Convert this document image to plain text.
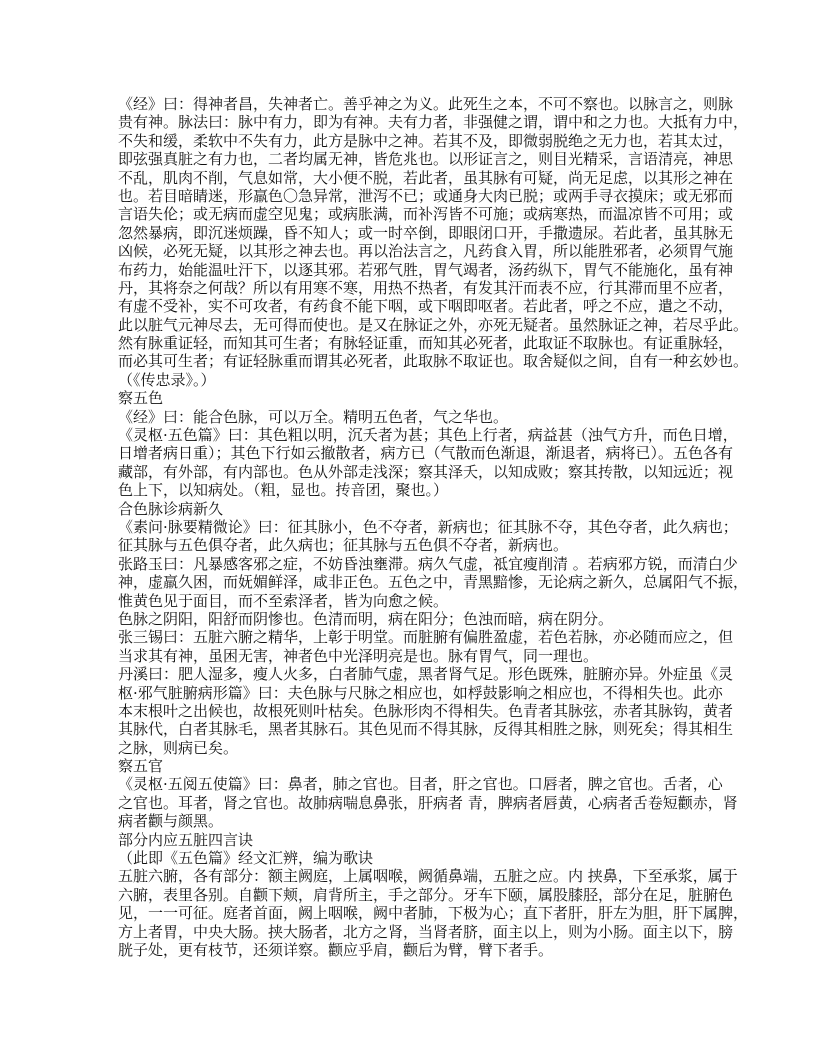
《经》曰：得神者昌，失神者亡。善乎神之为义。此死生之本，不可不察也。以脉言之，则脉
贵有神。脉法曰：脉中有力，即为有神。夫有力者，非强健之谓，谓中和之力也。大抵有力中，
不失和缓，柔软中不失有力，此方是脉中之神。若其不及，即微弱脱绝之无力也，若其太过，
即弦强真脏之有力也，二者均属无神，皆危兆也。以形证言之，则目光精采，言语清亮，神思
不乱，肌肉不削，气息如常，大小便不脱，若此者，虽其脉有可疑，尚无足虑，以其形之神在
也。若目暗睛迷，形羸色〇急异常，泄泻不已；或通身大肉已脱；或两手寻衣摸床；或无邪而
言语失伦；或无病而虚空见鬼；或病胀满，而补泻皆不可施；或病寒热，而温凉皆不可用；或
忽然暴病，即沉迷烦躁，昏不知人；或一时卒倒，即眼闭口开，手撒遗尿。若此者，虽其脉无
凶候，必死无疑，以其形之神去也。再以治法言之，凡药食入胃，所以能胜邪者，必须胃气施
布药力，始能温吐汗下，以逐其邪。若邪气胜，胃气竭者，汤药纵下，胃气不能施化，虽有神
丹，其将奈之何哉？所以有用寒不寒，用热不热者，有发其汗而表不应，行其滞而里不应者，
有虚不受补，实不可攻者，有药食不能下咽，或下咽即呕者。若此者，呼之不应，遣之不动，
此以脏气元神尽去，无可得而使也。是又在脉证之外，亦死无疑者。虽然脉证之神，若尽乎此。
然有脉重证轻，而知其可生者；有脉轻证重，而知其必死者，此取证不取脉也。有证重脉轻，
而必其可生者；有证轻脉重而谓其必死者，此取脉不取证也。取舍疑似之间，自有一种玄妙也。
（《传忠录》。）
察五色
《经》曰：能合色脉，可以万全。精明五色者，气之华也。
《灵枢·五色篇》曰：其色粗以明，沉夭者为甚；其色上行者，病益甚（浊气方升，而色日增，
日增者病日重）；其色下行如云撤散者，病方已（气散而色渐退，渐退者，病将已）。五色各有
藏部，有外部，有内部也。色从外部走浅深；察其泽夭，以知成败；察其抟散，以知远近；视
色上下，以知病处。（粗，显也。抟音团，聚也。）
合色脉诊病新久
《素问·脉要精微论》曰：征其脉小，色不夺者，新病也；征其脉不夺，其色夺者，此久病也；
征其脉与五色俱夺者，此久病也；征其脉与五色俱不夺者，新病也。
张路玉曰：凡暴感客邪之症，不妨昏浊壅滞。病久气虚，祗宜瘦削清 。若病邪方锐，而清白少
神，虚羸久困，而妩媚鲜泽，咸非正色。五色之中，青黑黯惨，无论病之新久，总属阳气不振，
惟黄色见于面目，而不至索泽者，皆为向愈之候。
色脉之阴阳，阳舒而阴惨也。色清而明，病在阳分；色浊而暗，病在阴分。
张三锡曰：五脏六腑之精华，上彰于明堂。而脏腑有偏胜盈虚，若色若脉，亦必随而应之，但
当求其有神，虽困无害，神者色中光泽明亮是也。脉有胃气，同一理也。
丹溪曰：肥人湿多，瘦人火多，白者肺气虚，黑者肾气足。形色既殊，脏腑亦异。外症虽《灵
枢·邪气脏腑病形篇》曰：夫色脉与尺脉之相应也，如桴鼓影响之相应也，不得相失也。此亦
本末根叶之出候也，故根死则叶枯矣。色脉形肉不得相失。色青者其脉弦，赤者其脉钩，黄者
其脉代，白者其脉毛，黑者其脉石。其色见而不得其脉，反得其相胜之脉，则死矣；得其相生
之脉，则病已矣。
察五官
《灵枢·五阅五使篇》曰：鼻者，肺之官也。目者，肝之官也。口唇者，脾之官也。舌者，心
之官也。耳者，肾之官也。故肺病喘息鼻张，肝病者 青，脾病者唇黄，心病者舌卷短颧赤，肾
病者颧与颜黑。
部分内应五脏四言诀
（此即《五色篇》经文汇辨，编为歌诀
五脏六腑，各有部分：额主阙庭，上属咽喉，阙循鼻端，五脏之应。内 挟鼻，下至承浆，属于
六腑，表里各别。自颧下颊，肩背所主，手之部分。牙车下颐，属股膝胫，部分在足，脏腑色
见，一一可征。庭者首面，阙上咽喉，阙中者肺，下极为心；直下者肝，肝左为胆，肝下属脾，
方上者胃，中央大肠。挟大肠者，北方之肾，当肾者脐，面主以上，则为小肠。面主以下，膀
胱子处，更有枝节，还须详察。颧应乎肩，颧后为臂，臂下者手。
